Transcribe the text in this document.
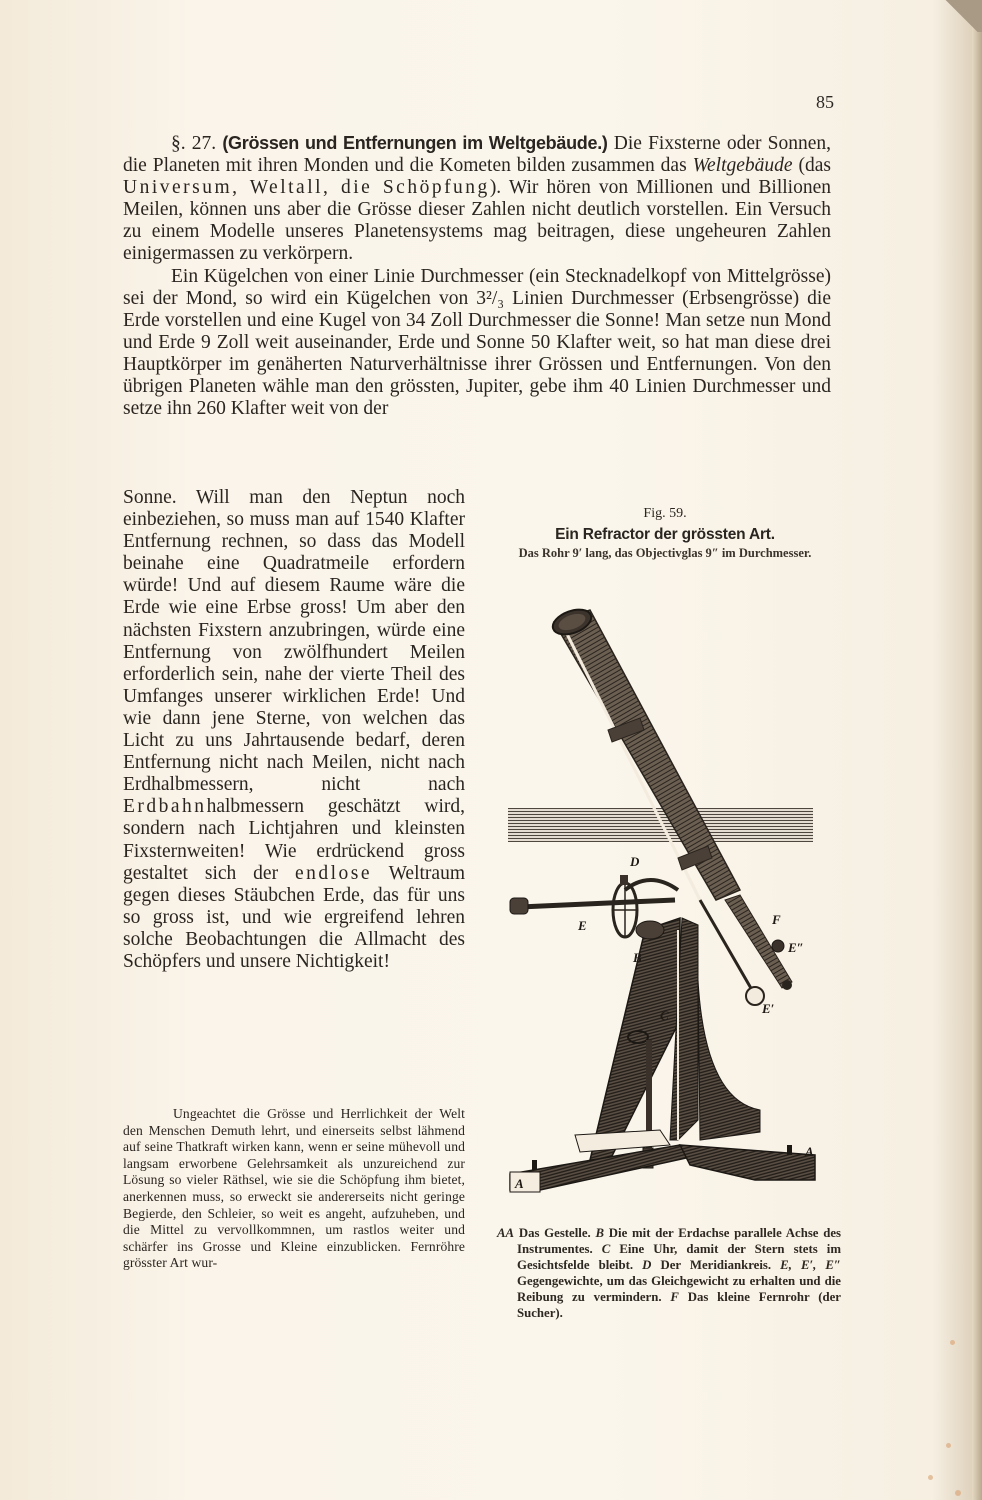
85

§. 27. (Grössen und Entfernungen im Weltgebäude.) Die Fixsterne oder Sonnen, die Planeten mit ihren Monden und die Kometen bilden zusammen das Weltgebäude (das Universum, Weltall, die Schöpfung). Wir hören von Millionen und Billionen Meilen, können uns aber die Grösse dieser Zahlen nicht deutlich vorstellen. Ein Versuch zu einem Modelle unseres Planetensystems mag beitragen, diese ungeheuren Zahlen einigermassen zu verkörpern.

Ein Kügelchen von einer Linie Durchmesser (ein Stecknadelkopf von Mittelgrösse) sei der Mond, so wird ein Kügelchen von 3²/₃ Linien Durchmesser (Erbsengrösse) die Erde vorstellen und eine Kugel von 34 Zoll Durchmesser die Sonne! Man setze nun Mond und Erde 9 Zoll weit auseinander, Erde und Sonne 50 Klafter weit, so hat man diese drei Hauptkörper im genäherten Naturverhältnisse ihrer Grössen und Entfernungen. Von den übrigen Planeten wähle man den grössten, Jupiter, gebe ihm 40 Linien Durchmesser und setze ihn 260 Klafter weit von der

Sonne. Will man den Neptun noch einbeziehen, so muss man auf 1540 Klafter Entfernung rechnen, so dass das Modell beinahe eine Quadratmeile erfordern würde! Und auf diesem Raume wäre die Erde wie eine Erbse gross! Um aber den nächsten Fixstern anzubringen, würde eine Entfernung von zwölfhundert Meilen erforderlich sein, nahe der vierte Theil des Umfanges unserer wirklichen Erde! Und wie dann jene Sterne, von welchen das Licht zu uns Jahrtausende bedarf, deren Entfernung nicht nach Meilen, nicht nach Erdhalbmessern, nicht nach Erdbahnhalbmessern geschätzt wird, sondern nach Lichtjahren und kleinsten Fixsternweiten! Wie erdrückend gross gestaltet sich der endlose Weltraum gegen dieses Stäubchen Erde, das für uns so gross ist, und wie ergreifend lehren solche Beobachtungen die Allmacht des Schöpfers und unsere Nichtigkeit!

Ungeachtet die Grösse und Herrlichkeit der Welt den Menschen Demuth lehrt, und einerseits selbst lähmend auf seine Thatkraft wirken kann, wenn er seine mühevoll und langsam erworbene Gelehrsamkeit als unzureichend zur Lösung so vieler Räthsel, wie sie die Schöpfung ihm bietet, anerkennen muss, so erweckt sie andererseits nicht geringe Begierde, den Schleier, so weit es angeht, aufzuheben, und die Mittel zu vervollkommnen, um rastlos weiter und schärfer ins Grosse und Kleine einzublicken. Fernröhre grösster Art wur-

Fig. 59.
Ein Refractor der grössten Art.
Das Rohr 9′ lang, das Objectivglas 9″ im Durchmesser.
D
E
B
C
F
E″
E′
A
A

AA Das Gestelle. B Die mit der Erdachse parallele Achse des Instrumentes. C Eine Uhr, damit der Stern stets im Gesichtsfelde bleibt. D Der Meridiankreis. E, E′, E″ Gegengewichte, um das Gleichgewicht zu erhalten und die Reibung zu vermindern. F Das kleine Fernrohr (der Sucher).
